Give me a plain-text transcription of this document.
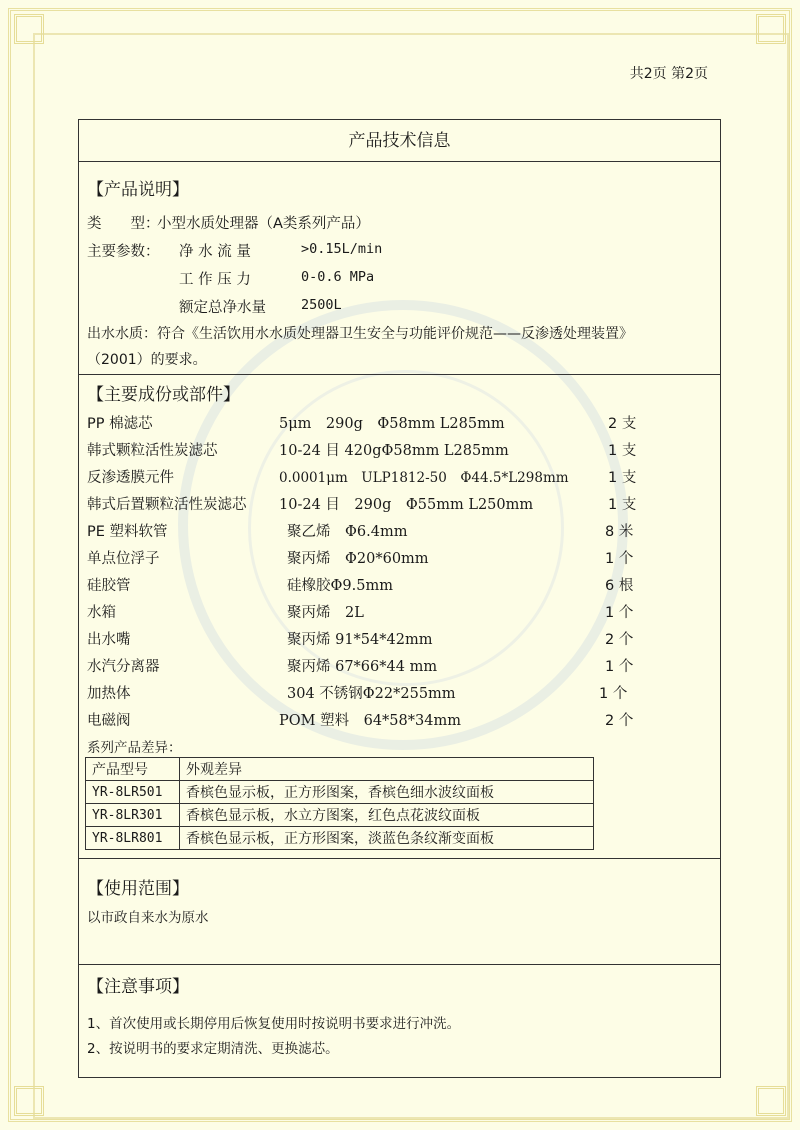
共2页 第2页
产品技术信息
【产品说明】
类　　型：
小型水质处理器（A类系列产品）
主要参数： 净 水 流 量	>0.15L/min
工 作 压 力	0-0.6 MPa
额定总净水量	2500L
出水水质：符合《生活饮用水水质处理器卫生安全与功能评价规范——反渗透处理装置》
（2001）的要求。
【主要成份或部件】
PP 棉滤芯	5μm　290g　Φ58mm L285mm	2 支
韩式颗粒活性炭滤芯	10-24 目 420gΦ58mm L285mm	1 支
反渗透膜元件	0.0001μm　ULP1812-50　Φ44.5*L298mm	1 支
韩式后置颗粒活性炭滤芯 10-24 目　290g　Φ55mm L250mm	1 支
PE 塑料软管	聚乙烯　Φ6.4mm	8 米
单点位浮子	聚丙烯　Φ20*60mm	1 个
硅胶管	硅橡胶Φ9.5mm	6 根
水箱	聚丙烯　2L	1 个
出水嘴	聚丙烯 91*54*42mm	2 个
水汽分离器	聚丙烯 67*66*44 mm	1 个
加热体	304 不锈钢Φ22*255mm	1 个
电磁阀	POM 塑料　64*58*34mm	2 个
系列产品差异：
产品型号	外观差异
YR-8LR501	香槟色显示板，正方形图案，香槟色细水波纹面板
YR-8LR301	香槟色显示板，水立方图案，红色点花波纹面板
YR-8LR801	香槟色显示板，正方形图案，淡蓝色条纹渐变面板
【使用范围】
以市政自来水为原水
【注意事项】
1、首次使用或长期停用后恢复使用时按说明书要求进行冲洗。
2、按说明书的要求定期清洗、更换滤芯。
